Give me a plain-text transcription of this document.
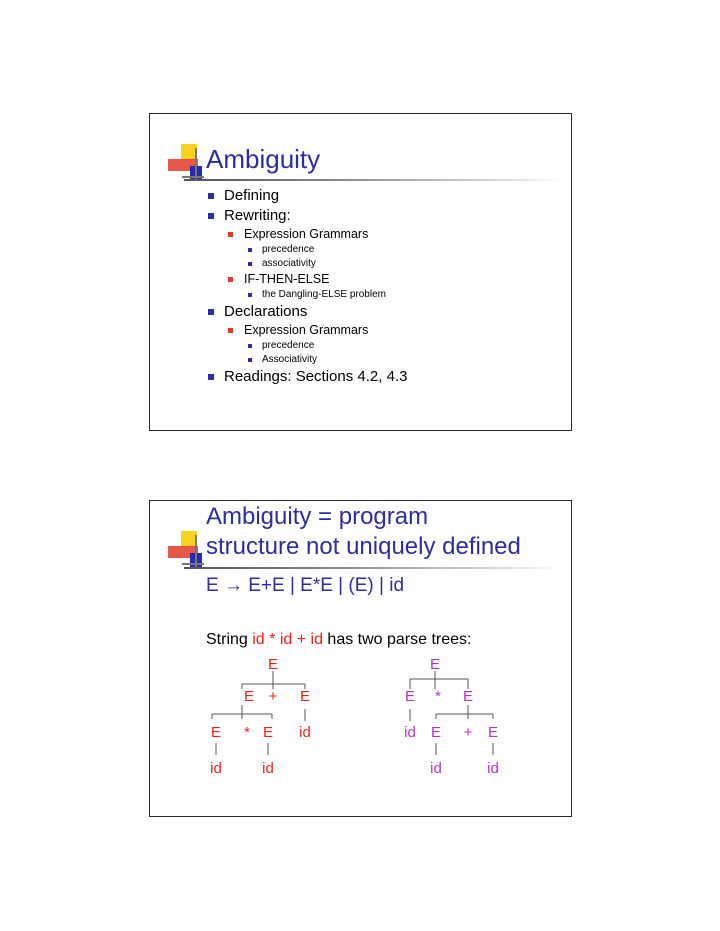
Ambiguity
Defining
Rewriting:
Expression Grammars
precedence
associativity
IF-THEN-ELSE
the Dangling-ELSE problem
Declarations
Expression Grammars
precedence
Associativity
Readings: Sections 4.2, 4.3
Ambiguity = program
structure not uniquely defined
E → E+E | E*E | (E) | id
String id * id + id has two parse trees:
E
E + E
E * E id
id	id
E
E * E
id E + E
id	id
